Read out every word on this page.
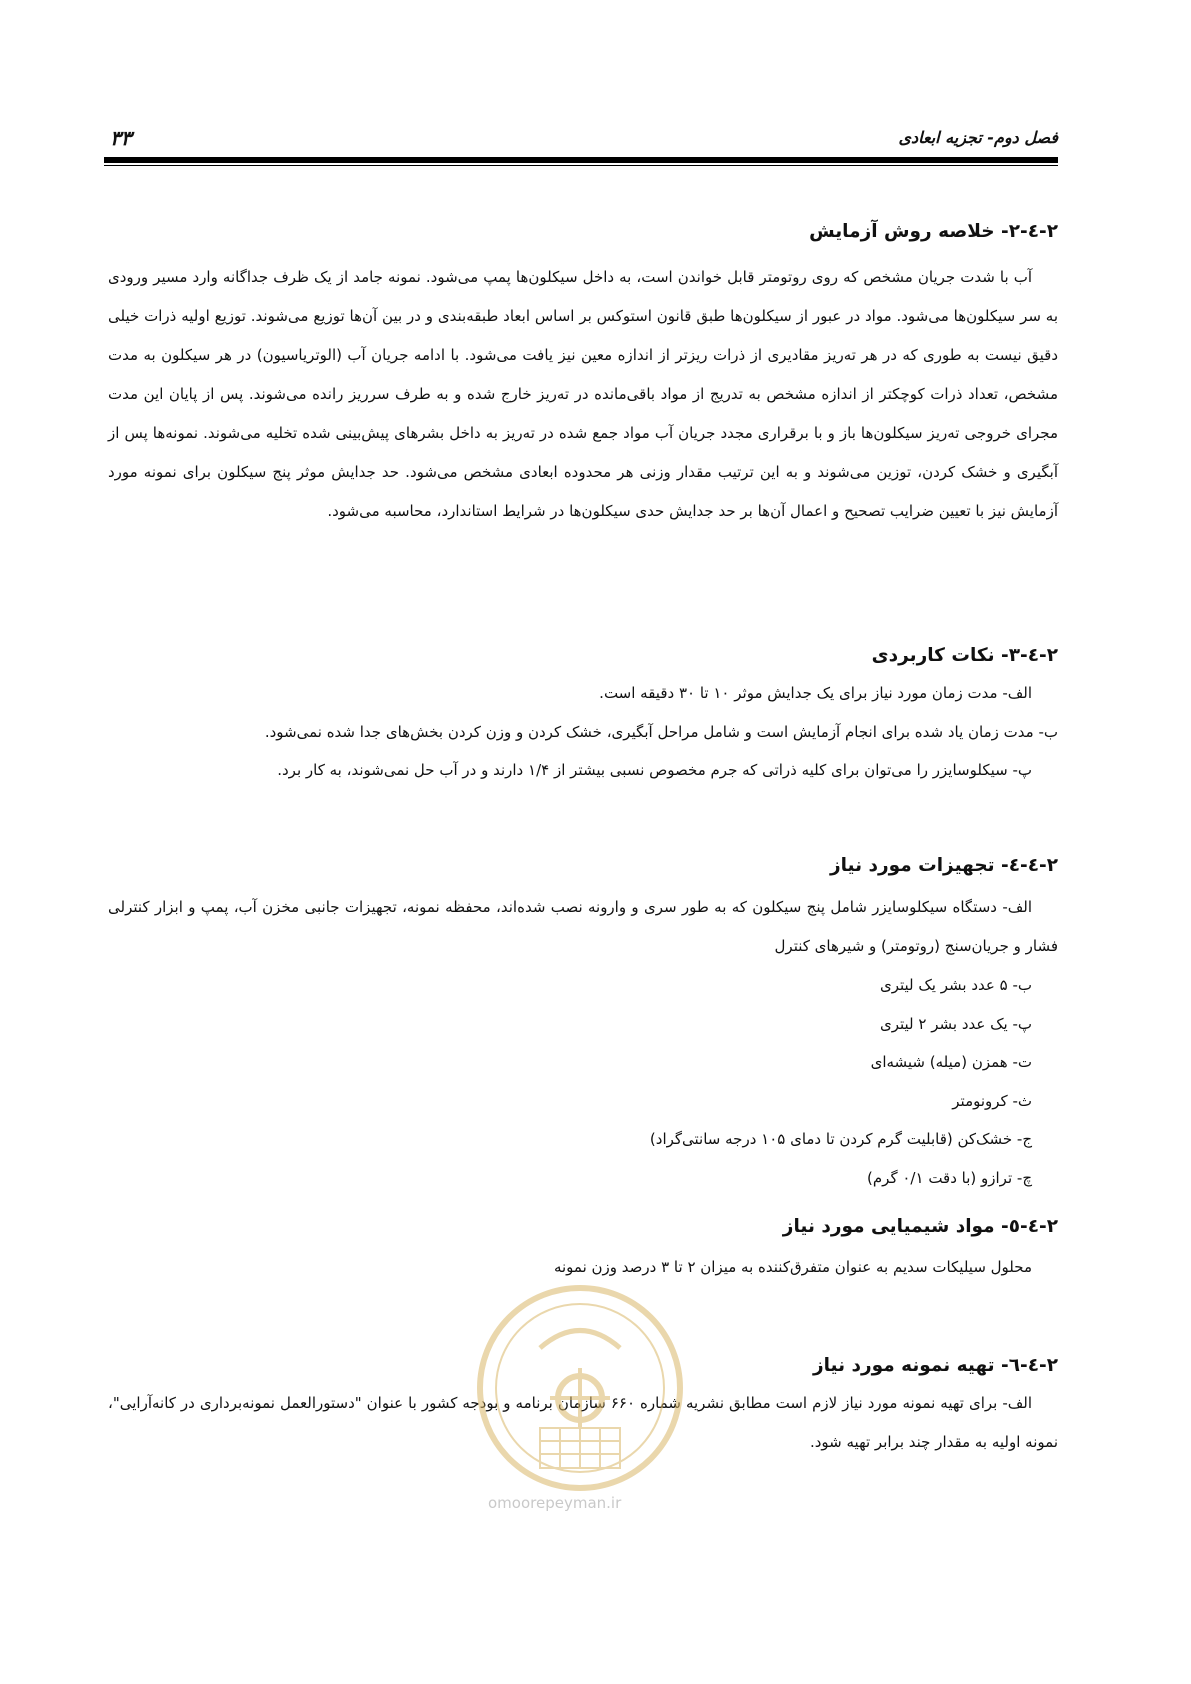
فصل دوم- تجزیه ابعادی
۳۳
۲-٤-۲- خلاصه روش آزمایش

آب با شدت جریان مشخص که روی روتومتر قابل خواندن است، به داخل سیکلون‌ها پمپ می‌شود. نمونه جامد از یک ظرف جداگانه وارد مسیر ورودی به سر سیکلون‌ها می‌شود. مواد در عبور از سیکلون‌ها طبق قانون استوکس بر اساس ابعاد طبقه‌بندی و در بین آن‌ها توزیع می‌شوند. توزیع اولیه ذرات خیلی دقیق نیست به طوری که در هر ته‌ریز مقادیری از ذرات ریزتر از اندازه معین نیز یافت می‌شود. با ادامه جریان آب (الوتریاسیون) در هر سیکلون به مدت مشخص، تعداد ذرات کوچکتر از اندازه مشخص به تدریج از مواد باقی‌مانده در ته‌ریز خارج شده و به طرف سرریز رانده می‌شوند. پس از پایان این مدت مجرای خروجی ته‌ریز سیکلون‌ها باز و با برقراری مجدد جریان آب مواد جمع شده در ته‌ریز به داخل بشرهای پیش‌بینی شده تخلیه می‌شوند. نمونه‌ها پس از آبگیری و خشک کردن، توزین می‌شوند و به این ترتیب مقدار وزنی هر محدوده ابعادی مشخص می‌شود. حد جدایش موثر پنج سیکلون برای نمونه مورد آزمایش نیز با تعیین ضرایب تصحیح و اعمال آن‌ها بر حد جدایش حدی سیکلون‌ها در شرایط استاندارد، محاسبه می‌شود.

۲-٤-۳- نکات کاربردی

الف- مدت زمان مورد نیاز برای یک جدایش موثر ۱۰ تا ۳۰ دقیقه است.

ب- مدت زمان یاد شده برای انجام آزمایش است و شامل مراحل آبگیری، خشک کردن و وزن کردن بخش‌های جدا شده نمی‌شود.

پ- سیکلوسایزر را می‌توان برای کلیه ذراتی که جرم مخصوص نسبی بیشتر از ۱/۴ دارند و در آب حل نمی‌شوند، به کار برد.

۲-٤-٤- تجهیزات مورد نیاز

الف- دستگاه سیکلوسایزر شامل پنج سیکلون که به طور سری و وارونه نصب شده‌اند، محفظه نمونه، تجهیزات جانبی مخزن آب، پمپ و ابزار کنترلی فشار و جریان‌سنج (روتومتر) و شیرهای کنترل

ب- ۵ عدد بشر یک لیتری

پ- یک عدد بشر ۲ لیتری

ت- همزن (میله) شیشه‌ای

ث- کرونومتر

ج- خشک‌کن (قابلیت گرم کردن تا دمای ۱۰۵ درجه سانتی‌گراد)

چ- ترازو (با دقت ۰/۱ گرم)

۲-٤-٥- مواد شیمیایی مورد نیاز

محلول سیلیکات سدیم به عنوان متفرق‌کننده به میزان ۲ تا ۳ درصد وزن نمونه

۲-٤-٦- تهیه نمونه مورد نیاز

الف- برای تهیه نمونه مورد نیاز لازم است مطابق نشریه شماره ۶۶۰ سازمان برنامه و بودجه کشور با عنوان "دستورالعمل نمونه‌برداری در کانه‌آرایی"، نمونه اولیه به مقدار چند برابر تهیه شود.

omoorepeyman.ir
